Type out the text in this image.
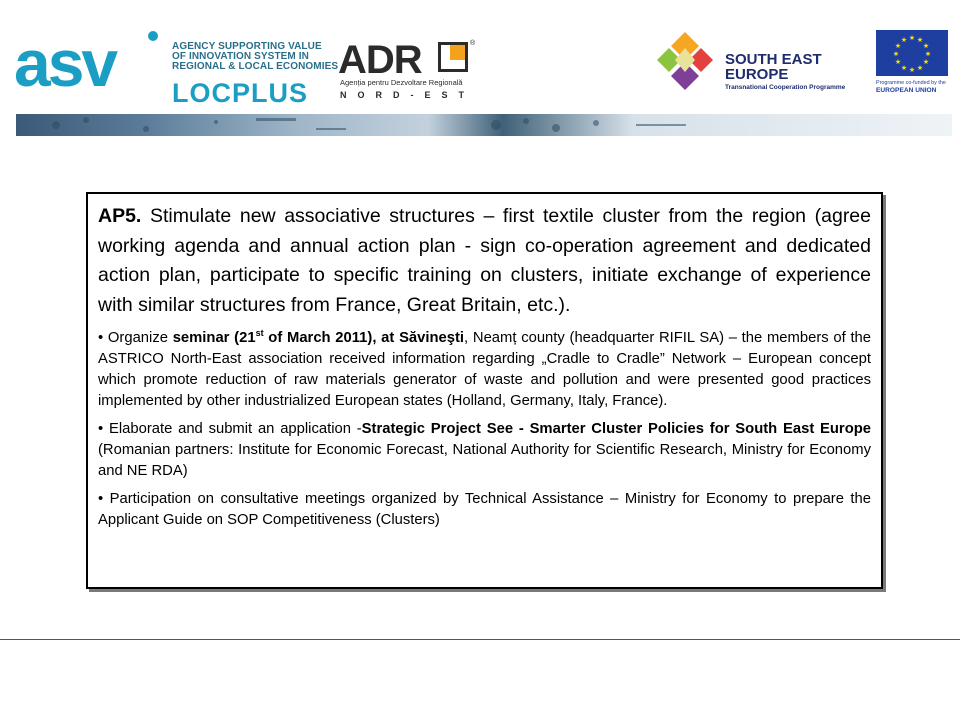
asv	AGENCY SUPPORTING VALUE
OF INNOVATION SYSTEM IN
REGIONAL & LOCAL ECONOMIES
LOCPLUS
ADR	®
Agenția pentru Dezvoltare Regională
NORD-EST
SOUTH EAST
EUROPE
Transnational Cooperation Programme
★ ★
★
★
★
★
★
★
★
★
★
★
Programme co-funded by the
EUROPEAN UNION

AP5. Stimulate new associative structures – first textile cluster from the region (agree working agenda and annual action plan - sign co-operation agreement and dedicated action plan, participate to specific training on clusters, initiate exchange of experience with similar structures from France, Great Britain, etc.).

• Organize seminar (21st of March 2011), at Săvineşti, Neamț county (headquarter RIFIL SA) – the members of the ASTRICO North-East association received information regarding „Cradle to Cradle” Network – European concept which promote reduction of raw materials generator of waste and pollution and were presented good practices implemented by other industrialized European states (Holland, Germany, Italy, France).

• Elaborate and submit an application -Strategic Project See - Smarter Cluster Policies for South East Europe (Romanian partners: Institute for Economic Forecast, National Authority for Scientific Research, Ministry for Economy and NE RDA)

• Participation on consultative meetings organized by Technical Assistance – Ministry for Economy to prepare the Applicant Guide on SOP Competitiveness (Clusters)
